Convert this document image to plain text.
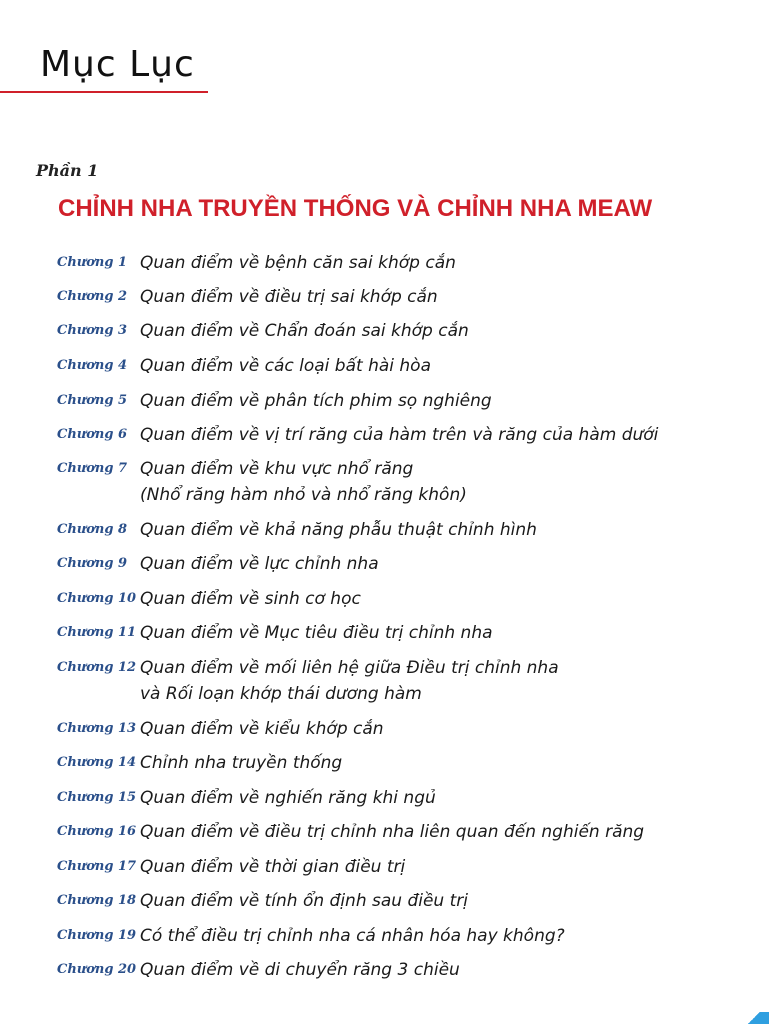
Mục Lục
Phần 1
CHỈNH NHA TRUYỀN THỐNG VÀ CHỈNH NHA MEAW
Chương 1 Quan điểm về bệnh căn sai khớp cắn
Chương 2 Quan điểm về điều trị sai khớp cắn
Chương 3 Quan điểm về Chẩn đoán sai khớp cắn
Chương 4 Quan điểm về các loại bất hài hòa
Chương 5 Quan điểm về phân tích phim sọ nghiêng
Chương 6 Quan điểm về vị trí răng của hàm trên và răng của hàm dưới
Chương 7 Quan điểm về khu vực nhổ răng
(Nhổ răng hàm nhỏ và nhổ răng khôn)
Chương 8 Quan điểm về khả năng phẫu thuật chỉnh hình
Chương 9 Quan điểm về lực chỉnh nha
Chương 10 Quan điểm về sinh cơ học
Chương 11 Quan điểm về Mục tiêu điều trị chỉnh nha
Chương 12 Quan điểm về mối liên hệ giữa Điều trị chỉnh nha
và Rối loạn khớp thái dương hàm
Chương 13 Quan điểm về kiểu khớp cắn
Chương 14 Chỉnh nha truyền thống
Chương 15 Quan điểm về nghiến răng khi ngủ
Chương 16 Quan điểm về điều trị chỉnh nha liên quan đến nghiến răng
Chương 17 Quan điểm về thời gian điều trị
Chương 18 Quan điểm về tính ổn định sau điều trị
Chương 19 Có thể điều trị chỉnh nha cá nhân hóa hay không?
Chương 20 Quan điểm về di chuyển răng 3 chiều
